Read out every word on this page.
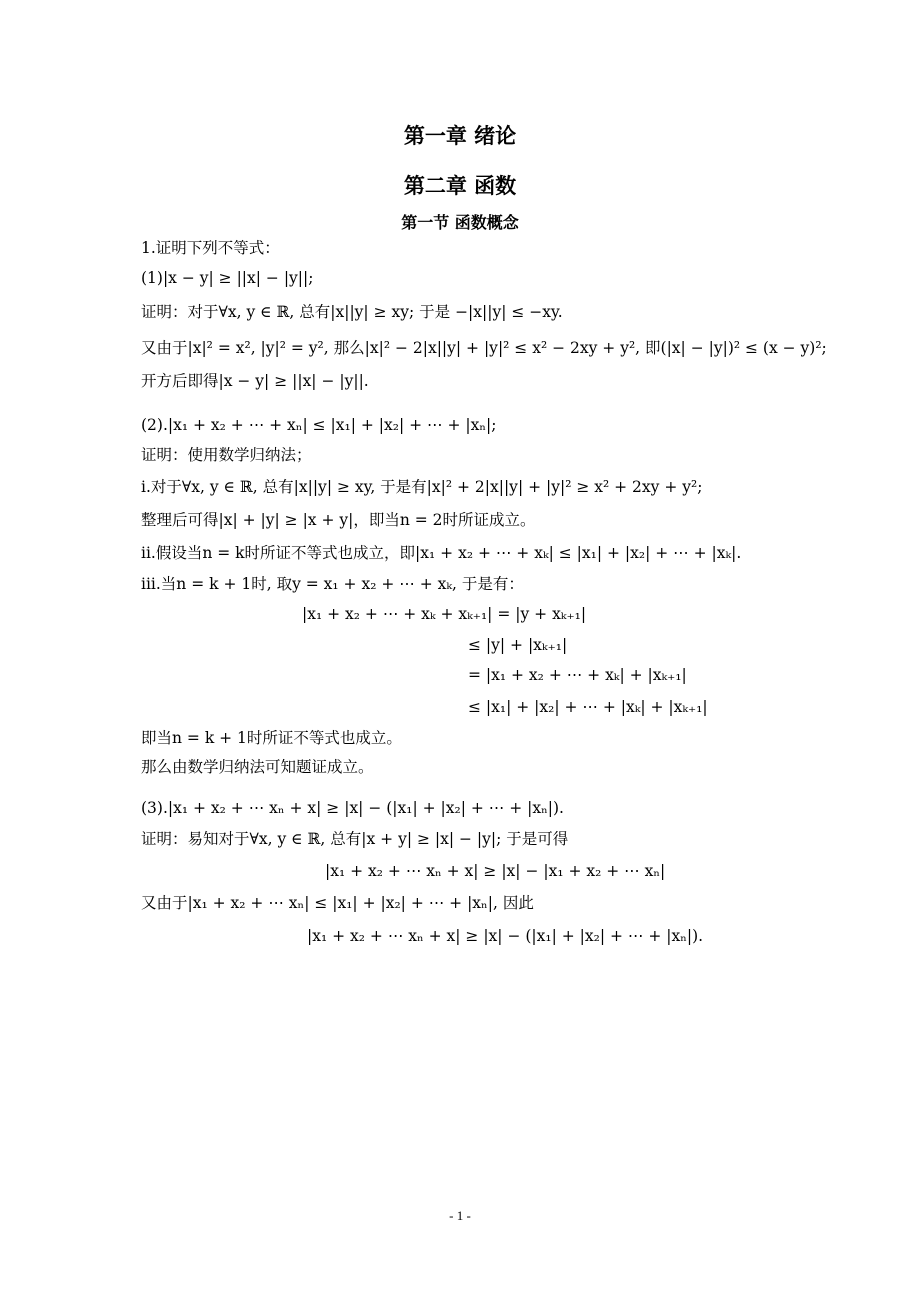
第一章 绪论
第二章 函数
第一节 函数概念
1.证明下列不等式：
(1)|x − y| ≥ ||x| − |y||;
证明：对于∀x, y ∈ ℝ, 总有|x||y| ≥ xy; 于是 −|x||y| ≤ −xy.
又由于|x|² = x², |y|² = y², 那么|x|² − 2|x||y| + |y|² ≤ x² − 2xy + y², 即(|x| − |y|)² ≤ (x − y)²;
开方后即得|x − y| ≥ ||x| − |y||.
(2).|x₁ + x₂ + ⋯ + xₙ| ≤ |x₁| + |x₂| + ⋯ + |xₙ|;
证明：使用数学归纳法；
i.对于∀x, y ∈ ℝ, 总有|x||y| ≥ xy, 于是有|x|² + 2|x||y| + |y|² ≥ x² + 2xy + y²;
整理后可得|x| + |y| ≥ |x + y|，即当n = 2时所证成立。
ii.假设当n = k时所证不等式也成立，即|x₁ + x₂ + ⋯ + xₖ| ≤ |x₁| + |x₂| + ⋯ + |xₖ|.
iii.当n = k + 1时, 取y = x₁ + x₂ + ⋯ + xₖ, 于是有：
|x₁ + x₂ + ⋯ + xₖ + xₖ₊₁| = |y + xₖ₊₁|
≤ |y| + |xₖ₊₁|
= |x₁ + x₂ + ⋯ + xₖ| + |xₖ₊₁|
≤ |x₁| + |x₂| + ⋯ + |xₖ| + |xₖ₊₁|
即当n = k + 1时所证不等式也成立。
那么由数学归纳法可知题证成立。
(3).|x₁ + x₂ + ⋯ xₙ + x| ≥ |x| − (|x₁| + |x₂| + ⋯ + |xₙ|).
证明：易知对于∀x, y ∈ ℝ, 总有|x + y| ≥ |x| − |y|; 于是可得
|x₁ + x₂ + ⋯ xₙ + x| ≥ |x| − |x₁ + x₂ + ⋯ xₙ|
又由于|x₁ + x₂ + ⋯ xₙ| ≤ |x₁| + |x₂| + ⋯ + |xₙ|, 因此
|x₁ + x₂ + ⋯ xₙ + x| ≥ |x| − (|x₁| + |x₂| + ⋯ + |xₙ|).
- 1 -
